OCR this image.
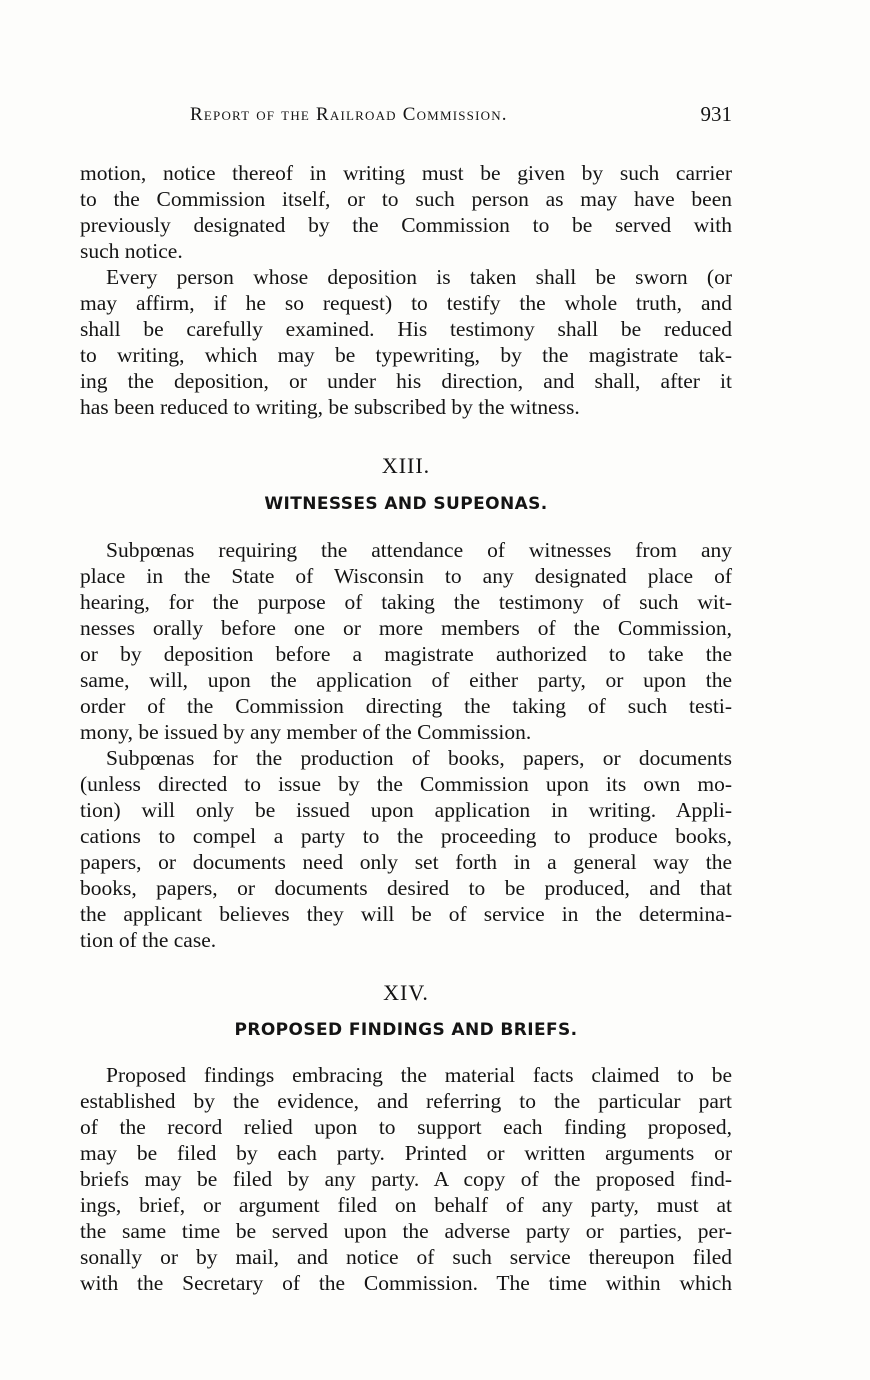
Report of the Railroad Commission.	931

motion, notice thereof in writing must be given by such carrier
to the Commission itself, or to such person as may have been
previously designated by the Commission to be served with
such notice.

Every person whose deposition is taken shall be sworn (or
may affirm, if he so request) to testify the whole truth, and
shall be carefully examined. His testimony shall be reduced
to writing, which may be typewriting, by the magistrate tak-
ing the deposition, or under his direction, and shall, after it
has been reduced to writing, be subscribed by the witness.

XIII.
WITNESSES AND SUPEONAS.

Subpœnas requiring the attendance of witnesses from any
place in the State of Wisconsin to any designated place of
hearing, for the purpose of taking the testimony of such wit-
nesses orally before one or more members of the Commission,
or by deposition before a magistrate authorized to take the
same, will, upon the application of either party, or upon the
order of the Commission directing the taking of such testi-
mony, be issued by any member of the Commission.

Subpœnas for the production of books, papers, or documents
(unless directed to issue by the Commission upon its own mo-
tion) will only be issued upon application in writing. Appli-
cations to compel a party to the proceeding to produce books,
papers, or documents need only set forth in a general way the
books, papers, or documents desired to be produced, and that
the applicant believes they will be of service in the determina-
tion of the case.

XIV.
PROPOSED FINDINGS AND BRIEFS.

Proposed findings embracing the material facts claimed to be
established by the evidence, and referring to the particular part
of the record relied upon to support each finding proposed,
may be filed by each party. Printed or written arguments or
briefs may be filed by any party. A copy of the proposed find-
ings, brief, or argument filed on behalf of any party, must at
the same time be served upon the adverse party or parties, per-
sonally or by mail, and notice of such service thereupon filed
with the Secretary of the Commission. The time within which
